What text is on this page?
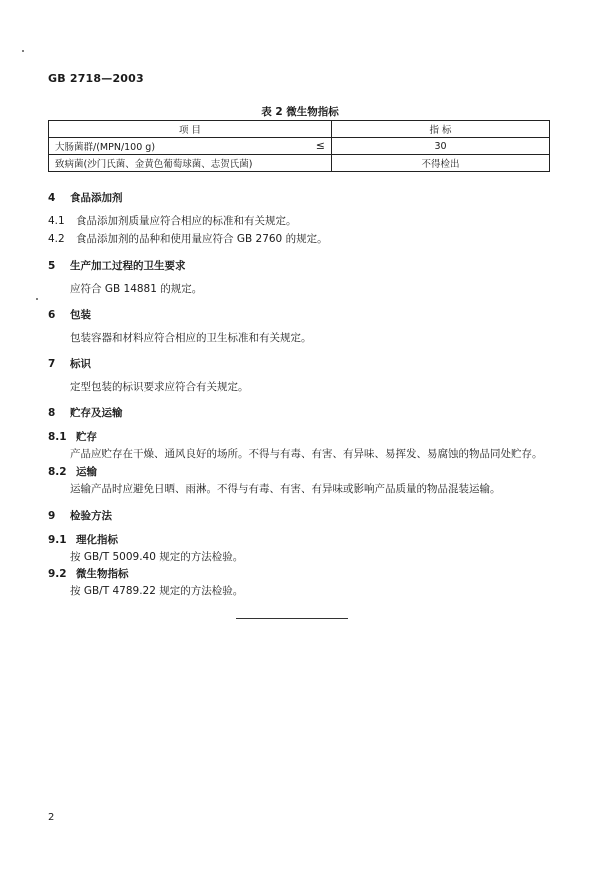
GB 2718—2003
表 2 微生物指标
项 目	指 标
大肠菌群/(MPN/100 g) ≤	30
致病菌(沙门氏菌、金黄色葡萄球菌、志贺氏菌)	不得检出
4 食品添加剂
4.1 食品添加剂质量应符合相应的标准和有关规定。
4.2 食品添加剂的品种和使用量应符合 GB 2760 的规定。
5 生产加工过程的卫生要求
应符合 GB 14881 的规定。
6 包装
包装容器和材料应符合相应的卫生标准和有关规定。
7 标识
定型包装的标识要求应符合有关规定。
8 贮存及运输
8.1 贮存
产品应贮存在干燥、通风良好的场所。不得与有毒、有害、有异味、易挥发、易腐蚀的物品同处贮存。
8.2 运输
运输产品时应避免日晒、雨淋。不得与有毒、有害、有异味或影响产品质量的物品混装运输。
9 检验方法
9.1 理化指标
按 GB/T 5009.40 规定的方法检验。
9.2 微生物指标
按 GB/T 4789.22 规定的方法检验。
2
